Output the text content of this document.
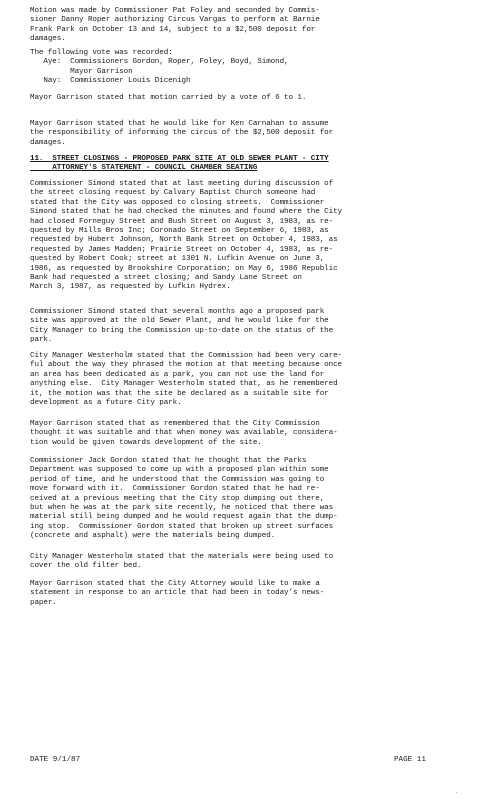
Motion was made by Commissioner Pat Foley and seconded by Commis-
sioner Danny Roper authorizing Circus Vargas to perform at Barnie
Frank Park on October 13 and 14, subject to a $2,500 deposit for
damages.

The following vote was recorded:
Aye:  Commissioners Gordon, Roper, Foley, Boyd, Simond,
Mayor Garrison
Nay:  Commissioner Louis Dicenigh

Mayor Garrison stated that motion carried by a vote of 6 to 1.

Mayor Garrison stated that he would like for Ken Carnahan to assume
the responsibility of informing the circus of the $2,500 deposit for
damages.

11.  STREET CLOSINGS - PROPOSED PARK SITE AT OLD SEWER PLANT - CITY
ATTORNEY'S STATEMENT - COUNCIL CHAMBER SEATING

Commissioner Simond stated that at last meeting during discussion of
the street closing request by Calvary Baptist Church someone had
stated that the City was opposed to closing streets.  Commissioner
Simond stated that he had checked the minutes and found where the City
had closed Forneguy Street and Bush Street on August 3, 1983, as re-
quested by Mills Bros Inc; Coronado Street on September 6, 1983, as
requested by Hubert Johnson, North Bank Street on October 4, 1983, as
requested by James Madden; Prairie Street on October 4, 1983, as re-
quested by Robert Cook; street at 1301 N. Lufkin Avenue on June 3,
1986, as requested by Brookshire Corporation; on May 6, 1986 Republic
Bank had requested a street closing; and Sandy Lane Street on
March 3, 1987, as requested by Lufkin Hydrex.

Commissioner Simond stated that several months ago a proposed park
site was approved at the old Sewer Plant, and he would like for the
City Manager to bring the Commission up-to-date on the status of the
park.

City Manager Westerholm stated that the Commission had been very care-
ful about the way they phrased the motion at that meeting because once
an area has been dedicated as a park, you can not use the land for
anything else.  City Manager Westerholm stated that, as he remembered
it, the motion was that the site be declared as a suitable site for
development as a future City park.

Mayor Garrison stated that as remembered that the City Commission
thought it was suitable and that when money was available, considera-
tion would be given towards development of the site.

Commissioner Jack Gordon stated that he thought that the Parks
Department was supposed to come up with a proposed plan within some
period of time, and he understood that the Commission was going to
move forward with it.  Commissioner Gordon stated that he had re-
ceived at a previous meeting that the City stop dumping out there,
but when he was at the park site recently, he noticed that there was
material still being dumped and he would request again that the dump-
ing stop.  Commissioner Gordon stated that broken up street surfaces
(concrete and asphalt) were the materials being dumped.

City Manager Westerholm stated that the materials were being used to
cover the old filter bed.

Mayor Garrison stated that the City Attorney would like to make a
statement in response to an article that had been in today's news-
paper.

DATE 9/1/87	PAGE 11
·
